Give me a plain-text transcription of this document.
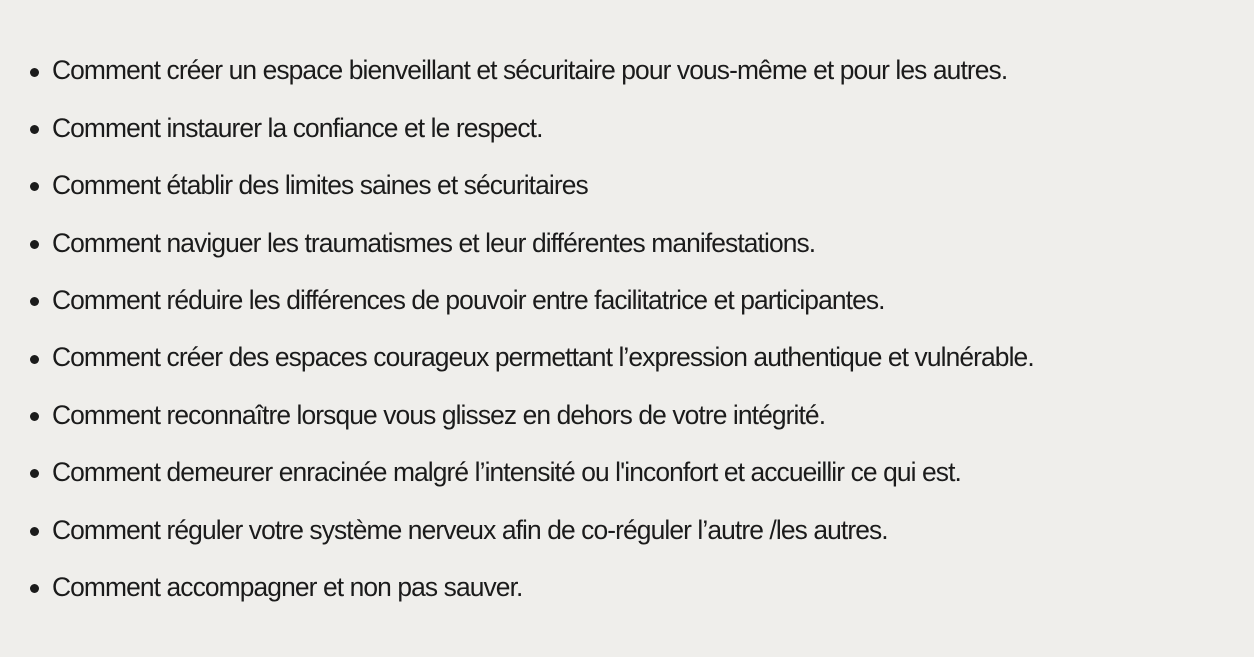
Comment créer un espace bienveillant et sécuritaire pour vous-même et pour les autres.
Comment instaurer la confiance et le respect.
Comment établir des limites saines et sécuritaires
Comment naviguer les traumatismes et leur différentes manifestations.
Comment réduire les différences de pouvoir entre facilitatrice et participantes.
Comment créer des espaces courageux permettant l’expression authentique et vulnérable.
Comment reconnaître lorsque vous glissez en dehors de votre intégrité.
Comment demeurer enracinée malgré l’intensité ou l'inconfort et accueillir ce qui est.
Comment réguler votre système nerveux afin de co-réguler l’autre /les autres.
Comment accompagner et non pas sauver.
